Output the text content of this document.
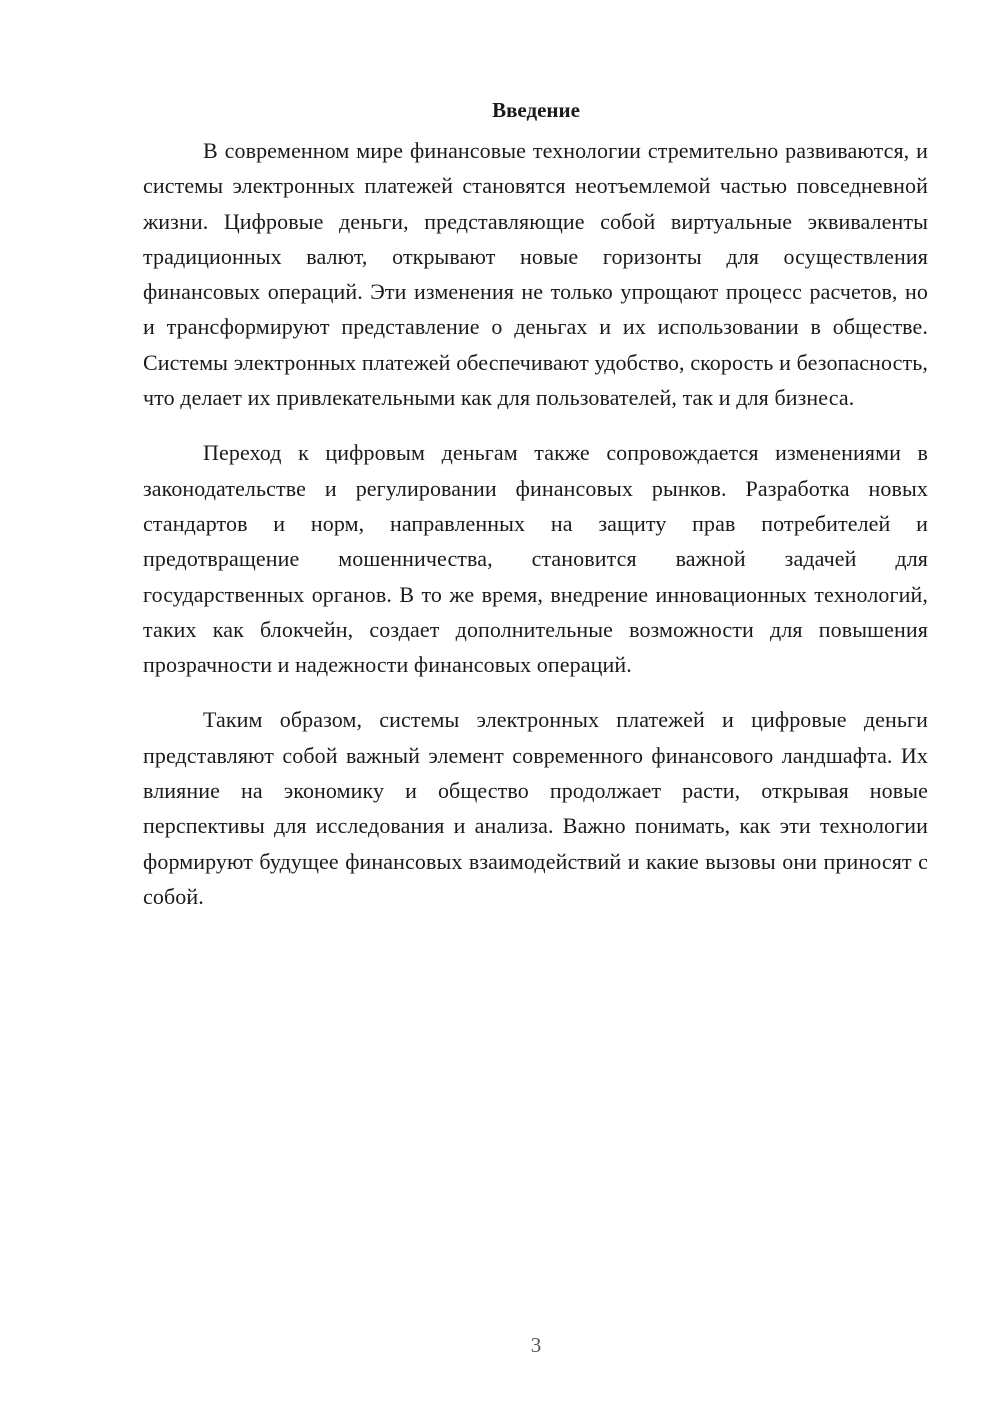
Введение

В современном мире финансовые технологии стремительно развиваются, и системы электронных платежей становятся неотъемлемой частью повседневной жизни. Цифровые деньги, представляющие собой виртуальные эквиваленты традиционных валют, открывают новые горизонты для осуществления финансовых операций. Эти изменения не только упрощают процесс расчетов, но и трансформируют представление о деньгах и их использовании в обществе. Системы электронных платежей обеспечивают удобство, скорость и безопасность, что делает их привлекательными как для пользователей, так и для бизнеса.

Переход к цифровым деньгам также сопровождается изменениями в законодательстве и регулировании финансовых рынков. Разработка новых стандартов и норм, направленных на защиту прав потребителей и предотвращение мошенничества, становится важной задачей для государственных органов. В то же время, внедрение инновационных технологий, таких как блокчейн, создает дополнительные возможности для повышения прозрачности и надежности финансовых операций.

Таким образом, системы электронных платежей и цифровые деньги представляют собой важный элемент современного финансового ландшафта. Их влияние на экономику и общество продолжает расти, открывая новые перспективы для исследования и анализа. Важно понимать, как эти технологии формируют будущее финансовых взаимодействий и какие вызовы они приносят с собой.

3
